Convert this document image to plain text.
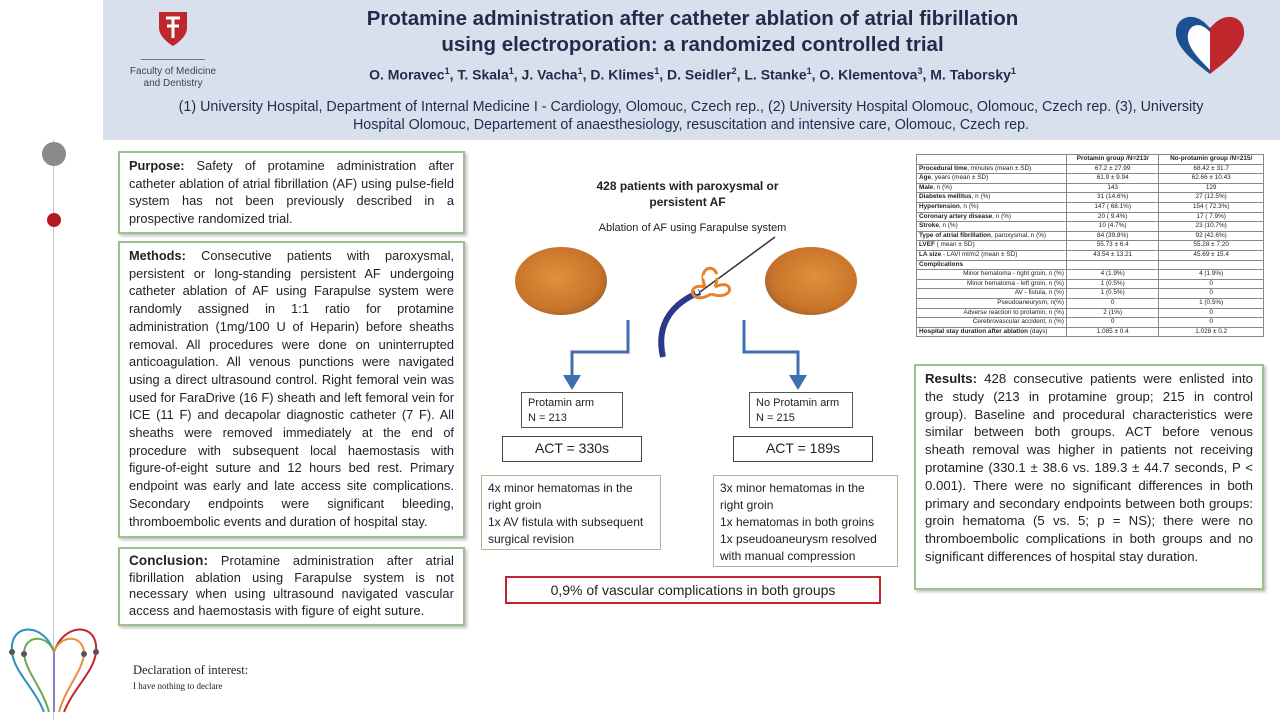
Faculty of Medicine
and Dentistry
Protamine administration after catheter ablation of atrial fibrillation
using electroporation: a randomized controlled trial
O. Moravec$^1$, T. Skala$^1$, J. Vacha$^1$, D. Klimes$^1$, D. Seidler$^2$, L. Stanke$^1$, O. Klementova$^3$, M. Taborsky$^1$
(1) University Hospital, Department of Internal Medicine I - Cardiology, Olomouc, Czech rep., (2) University Hospital Olomouc, Olomouc, Czech rep. (3), University
Hospital Olomouc, Departement of anaesthesiology, resuscitation and intensive care, Olomouc, Czech rep.
Purpose: Safety of protamine administration after catheter ablation of atrial fibrillation (AF) using pulse-field system has not been previously described in a prospective randomized trial.
Methods: Consecutive patients with paroxysmal, persistent or long-standing persistent AF undergoing catheter ablation of AF using Farapulse system were randomly assigned in 1:1 ratio for protamine administration (1mg/100 U of Heparin) before sheaths removal. All procedures were done on uninterrupted anticoagulation. All venous punctions were navigated using a direct ultrasound control. Right femoral vein was used for FaraDrive (16 F) sheath and left femoral vein for ICE (11 F) and decapolar diagnostic catheter (7 F). All sheaths were removed immediately at the end of procedure with subsequent local haemostasis with figure-of-eight suture and 12 hours bed rest. Primary endpoint was early and late access site complications. Secondary endpoints were significant bleeding, thromboembolic events and duration of hospital stay.
Conclusion: Protamine administration after atrial fibrillation ablation using Farapulse system is not necessary when using ultrasound navigated vascular access and haemostasis with figure of eight suture.
428 patients with paroxysmal or persistent AF
Ablation of AF using Farapulse system
Protamin arm
N = 213
No Protamin arm
N = 215
ACT = 330s	ACT = 189s
4x minor hematomas in the right groin
1x AV fistula with subsequent surgical revision
3x minor hematomas in the right groin
1x hematomas in both groins
1x pseudoaneurysm resolved with manual compression
0,9% of vascular complications in both groups
	Protamin group /N=213/	No-protamin group /N=215/
Procedural time, minutes (mean ± SD)	67.2 ± 27.99	68.42 ± 31.7
Age, years (mean ± SD)	61.9 ± 9.94	62.66 ± 10.43
Male, n (%)	143	129
Diabetes mellitus, n (%)	31 (14.6%)	27 (12.5%)
Hypertension, n (%)	147 ( 68.1%)	154 ( 72.3%)
Coronary artery disease, n (%)	20 ( 9.4%)	17 ( 7.9%)
Stroke, n (%)	10 (4.7%)	23 (10.7%)
Type of atrial fibrillation, paroxysmal, n (%)	84 (39.8%)	92 (42.6%)
LVEF ( mean ± SD)	55.73 ± 6.4	55.28 ± 7.20
LA size - LAVI ml/m2 (mean ± SD)	43.54 ± 13.21	45.69 ± 15.4
Complications		
Minor hematoma - right groin, n (%)	4 (1.9%)	4 (1.9%)
Minor hematoma - left groin, n (%)	1 (0.5%)	0
AV - fistula, n (%)	1 (0.5%)	0
Pseudoaneurysm, n(%)	0	1 (0.5%)
Adverse reaction to protamin, n (%)	2 (1%)	0
Cerebrovascular accident, n (%)	0	0
Hospital stay duration after ablation (days)	1.085 ± 0.4	1.028 ± 0.2
Results: 428 consecutive patients were enlisted into the study (213 in protamine group; 215 in control group). Baseline and procedural characteristics were similar between both groups. ACT before venous sheath removal was higher in patients not receiving protamine (330.1 ± 38.6 vs. 189.3 ± 44.7 seconds, P < 0.001). There were no significant differences in both primary and secondary endpoints between both groups: groin hematoma (5 vs. 5; p = NS); there were no thromboembolic complications in both groups and no significant differences of hospital stay duration.
Declaration of interest:
I have nothing to declare
